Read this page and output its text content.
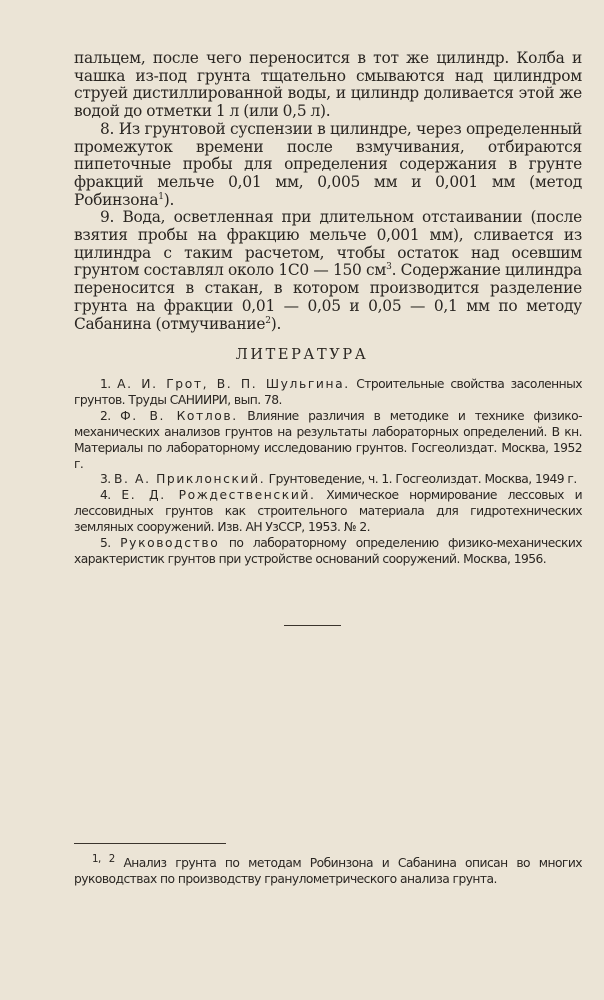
пальцем, после чего переносится в тот же цилиндр. Колба и чашка из-под грунта тщательно смываются над цилиндром струей дистиллированной воды, и цилиндр доливается этой же водой до отметки 1 л (или 0,5 л).

8. Из грунтовой суспензии в цилиндре, через определенный промежуток времени после взмучивания, отбираются пипеточные пробы для определения содержания в грунте фракций мельче 0,01 мм, 0,005 мм и 0,001 мм (метод Робинзона$^1$).

9. Вода, осветленная при длительном отстаивании (после взятия пробы на фракцию мельче 0,001 мм), сливается из цилиндра с таким расчетом, чтобы остаток над осевшим грунтом составлял около 1С0 — 150 $см^3$. Содержание цилиндра переносится в стакан, в котором производится разделение грунта на фракции 0,01 — 0,05 и 0,05 — 0,1 мм по методу Сабанина (отмучивание$^2$).

ЛИТЕРАТУРА

1. А. И. Грот, В. П. Шульгина. Строительные свойства засоленных грунтов. Труды САНИИРИ, вып. 78.

2. Ф. В. Котлов. Влияние различия в методике и технике физико-механических анализов грунтов на результаты лабораторных определений. В кн. Материалы по лабораторному исследованию грунтов. Госгеолиздат. Москва, 1952 г.

3. В. А. Приклонский. Грунтоведение, ч. 1. Госгеолиздат. Москва, 1949 г.

4. Е. Д. Рождественский. Химическое нормирование лессовых и лессовидных грунтов как строительного материала для гидротехнических земляных сооружений. Изв. АН УзССР, 1953. № 2.

5. Руководство по лабораторному определению физико-механических характеристик грунтов при устройстве оснований сооружений. Москва, 1956.

$^{1, 2}$ Анализ грунта по методам Робинзона и Сабанина описан во многих руководствах по производству гранулометрического анализа грунта.
